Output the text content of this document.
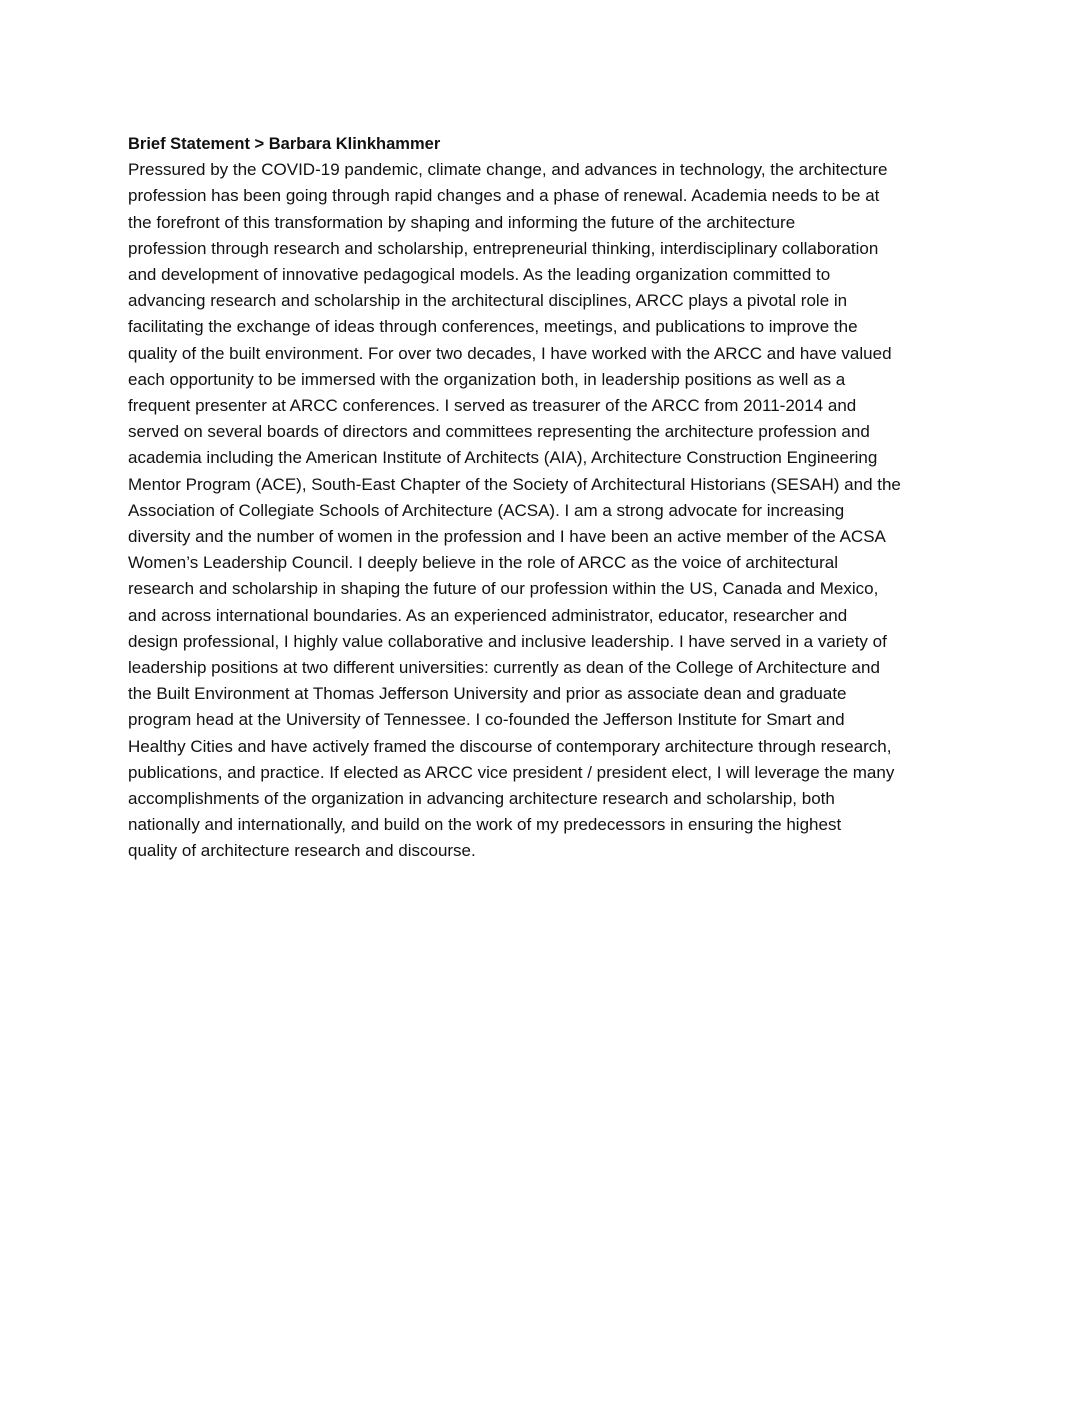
Brief Statement > Barbara Klinkhammer
Pressured by the COVID-19 pandemic, climate change, and advances in technology, the architecture
profession has been going through rapid changes and a phase of renewal. Academia needs to be at
the forefront of this transformation by shaping and informing the future of the architecture
profession through research and scholarship, entrepreneurial thinking, interdisciplinary collaboration
and development of innovative pedagogical models. As the leading organization committed to
advancing research and scholarship in the architectural disciplines, ARCC plays a pivotal role in
facilitating the exchange of ideas through conferences, meetings, and publications to improve the
quality of the built environment. For over two decades, I have worked with the ARCC and have valued
each opportunity to be immersed with the organization both, in leadership positions as well as a
frequent presenter at ARCC conferences. I served as treasurer of the ARCC from 2011-2014 and
served on several boards of directors and committees representing the architecture profession and
academia including the American Institute of Architects (AIA), Architecture Construction Engineering
Mentor Program (ACE), South-East Chapter of the Society of Architectural Historians (SESAH) and the
Association of Collegiate Schools of Architecture (ACSA). I am a strong advocate for increasing
diversity and the number of women in the profession and I have been an active member of the ACSA
Women’s Leadership Council. I deeply believe in the role of ARCC as the voice of architectural
research and scholarship in shaping the future of our profession within the US, Canada and Mexico,
and across international boundaries. As an experienced administrator, educator, researcher and
design professional, I highly value collaborative and inclusive leadership. I have served in a variety of
leadership positions at two different universities: currently as dean of the College of Architecture and
the Built Environment at Thomas Jefferson University and prior as associate dean and graduate
program head at the University of Tennessee. I co-founded the Jefferson Institute for Smart and
Healthy Cities and have actively framed the discourse of contemporary architecture through research,
publications, and practice. If elected as ARCC vice president / president elect, I will leverage the many
accomplishments of the organization in advancing architecture research and scholarship, both
nationally and internationally, and build on the work of my predecessors in ensuring the highest
quality of architecture research and discourse.
